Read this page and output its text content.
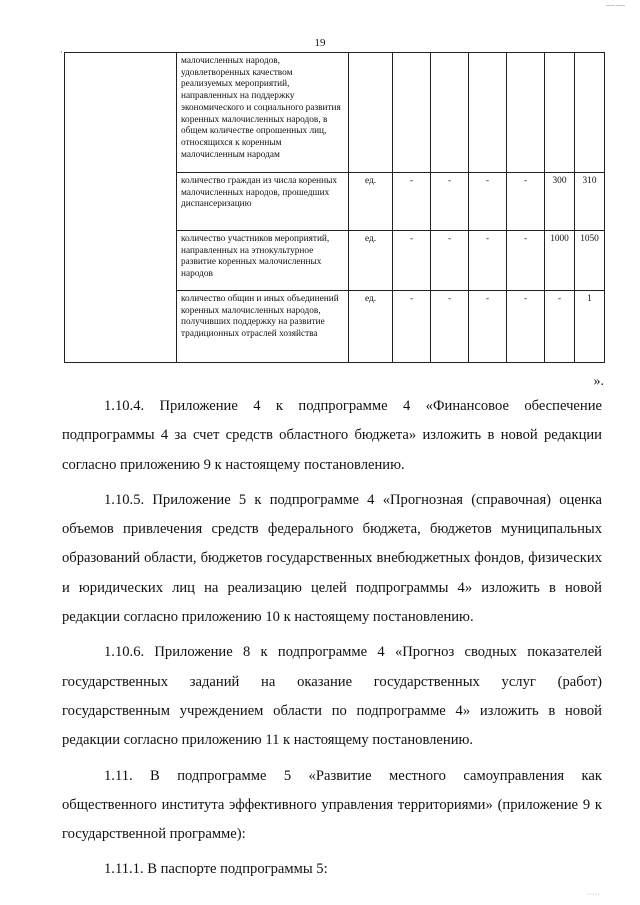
——
19
·
	малочисленных народов, удовлетворенных качеством реализуемых мероприятий, направленных на поддержку экономического и социального развития коренных малочисленных народов, в общем количестве опрошенных лиц, относящихся к коренным малочисленным народам							
	количество граждан из числа коренных малочисленных народов, прошедших диспансеризацию	ед.	-	-	-	-	300	310
	количество участников мероприятий, направленных на этнокультурное развитие коренных малочисленных народов	ед.	-	-	-	-	1000	1050
	количество общин и иных объединений коренных малочисленных народов, получивших поддержку на развитие традиционных отраслей хозяйства	ед.	-	-	-	-	-	1
».

1.10.4. Приложение 4 к подпрограмме 4 «Финансовое обеспечение подпрограммы 4 за счет средств областного бюджета» изложить в новой редакции согласно приложению 9 к настоящему постановлению.

1.10.5. Приложение 5 к подпрограмме 4 «Прогнозная (справочная) оценка объемов привлечения средств федерального бюджета, бюджетов муниципальных образований области, бюджетов государственных внебюджетных фондов, физических и юридических лиц на реализацию целей подпрограммы 4» изложить в новой редакции согласно приложению 10 к настоящему постановлению.

1.10.6. Приложение 8 к подпрограмме 4 «Прогноз сводных показателей государственных заданий на оказание государственных услуг (работ) государственным учреждением области по подпрограмме 4» изложить в новой редакции согласно приложению 11 к настоящему постановлению.

1.11. В подпрограмме 5 «Развитие местного самоуправления как общественного института эффективного управления территориями» (приложение 9 к государственной программе):

1.11.1. В паспорте подпрограммы 5:

·····
